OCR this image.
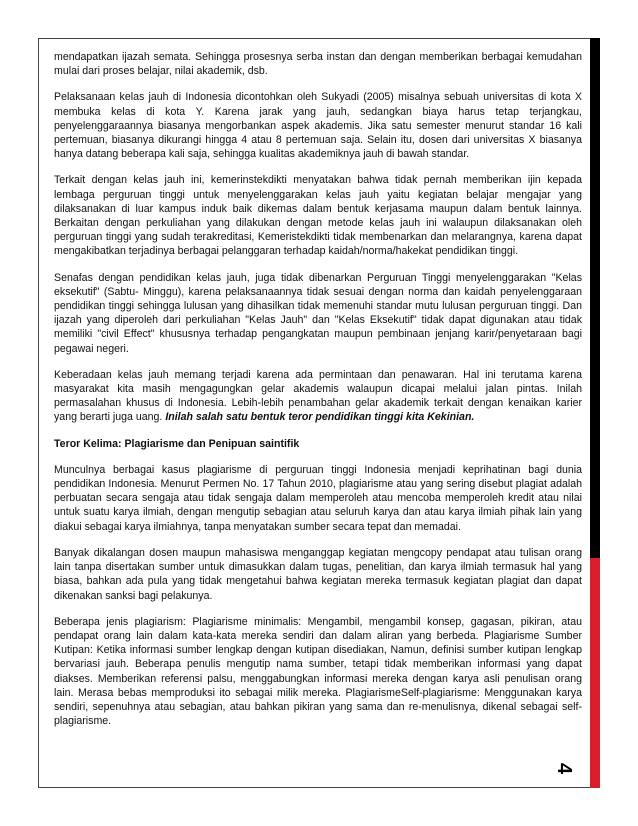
mendapatkan ijazah semata. Sehingga prosesnya serba instan dan dengan memberikan berbagai kemudahan mulai dari proses belajar, nilai akademik, dsb.

Pelaksanaan kelas jauh di Indonesia dicontohkan oleh Sukyadi (2005) misalnya sebuah universitas di kota X membuka kelas di kota Y. Karena jarak yang jauh, sedangkan biaya harus tetap terjangkau, penyelenggaraannya biasanya mengorbankan aspek akademis. Jika satu semester menurut standar 16 kali pertemuan, biasanya dikurangi hingga 4 atau 8 pertemuan saja. Selain itu, dosen dari universitas X biasanya hanya datang beberapa kali saja, sehingga kualitas akademiknya jauh di bawah standar.

Terkait dengan kelas jauh ini, kemerinstekdikti menyatakan bahwa tidak pernah memberikan ijin kepada lembaga perguruan tinggi untuk menyelenggarakan kelas jauh yaitu kegiatan belajar mengajar yang dilaksanakan di luar kampus induk baik dikemas dalam bentuk kerjasama maupun dalam bentuk lainnya. Berkaitan dengan perkuliahan yang dilakukan dengan metode kelas jauh ini walaupun dilaksanakan oleh perguruan tinggi yang sudah terakreditasi, Kemeristekdikti tidak membenarkan dan melarangnya, karena dapat mengakibatkan terjadinya berbagai pelanggaran terhadap kaidah/norma/hakekat pendidikan tinggi.

Senafas dengan pendidikan kelas jauh, juga tidak dibenarkan Perguruan Tinggi menyelenggarakan "Kelas eksekutif" (Sabtu- Minggu), karena pelaksanaannya tidak sesuai dengan norma dan kaidah penyelenggaraan pendidikan tinggi sehingga lulusan yang dihasilkan tidak memenuhi standar mutu lulusan perguruan tinggi. Dan ijazah yang diperoleh dari perkuliahan "Kelas Jauh" dan "Kelas Eksekutif" tidak dapat digunakan atau tidak memiliki "civil Effect" khususnya terhadap pengangkatan maupun pembinaan jenjang karir/penyetaraan bagi pegawai negeri.

Keberadaan kelas jauh memang terjadi karena ada permintaan dan penawaran. Hal ini terutama karena masyarakat kita masih mengagungkan gelar akademis walaupun dicapai melalui jalan pintas. Inilah permasalahan khusus di Indonesia. Lebih-lebih penambahan gelar akademik terkait dengan kenaikan karier yang berarti juga uang. Inilah salah satu bentuk teror pendidikan tinggi kita Kekinian.

Teror Kelima: Plagiarisme dan Penipuan saintifik

Munculnya berbagai kasus plagiarisme di perguruan tinggi Indonesia menjadi keprihatinan bagi dunia pendidikan Indonesia. Menurut Permen No. 17 Tahun 2010, plagiarisme atau yang sering disebut plagiat adalah perbuatan secara sengaja atau tidak sengaja dalam memperoleh atau mencoba memperoleh kredit atau nilai untuk suatu karya ilmiah, dengan mengutip sebagian atau seluruh karya dan atau karya ilmiah pihak lain yang diakui sebagai karya ilmiahnya, tanpa menyatakan sumber secara tepat dan memadai.

Banyak dikalangan dosen maupun mahasiswa menganggap kegiatan mengcopy pendapat atau tulisan orang lain tanpa disertakan sumber untuk dimasukkan dalam tugas, penelitian, dan karya ilmiah termasuk hal yang biasa, bahkan ada pula yang tidak mengetahui bahwa kegiatan mereka termasuk kegiatan plagiat dan dapat dikenakan sanksi bagi pelakunya.

Beberapa jenis plagiarism: Plagiarisme minimalis: Mengambil, mengambil konsep, gagasan, pikiran, atau pendapat orang lain dalam kata-kata mereka sendiri dan dalam aliran yang berbeda. Plagiarisme Sumber Kutipan: Ketika informasi sumber lengkap dengan kutipan disediakan, Namun, definisi sumber kutipan lengkap bervariasi jauh. Beberapa penulis mengutip nama sumber, tetapi tidak memberikan informasi yang dapat diakses. Memberikan referensi palsu, menggabungkan informasi mereka dengan karya asli penulisan orang lain. Merasa bebas memproduksi ito sebagai milik mereka. PlagiarismeSelf-plagiarisme: Menggunakan karya sendiri, sepenuhnya atau sebagian, atau bahkan pikiran yang sama dan re-menulisnya, dikenal sebagai self-plagiarisme.

4
